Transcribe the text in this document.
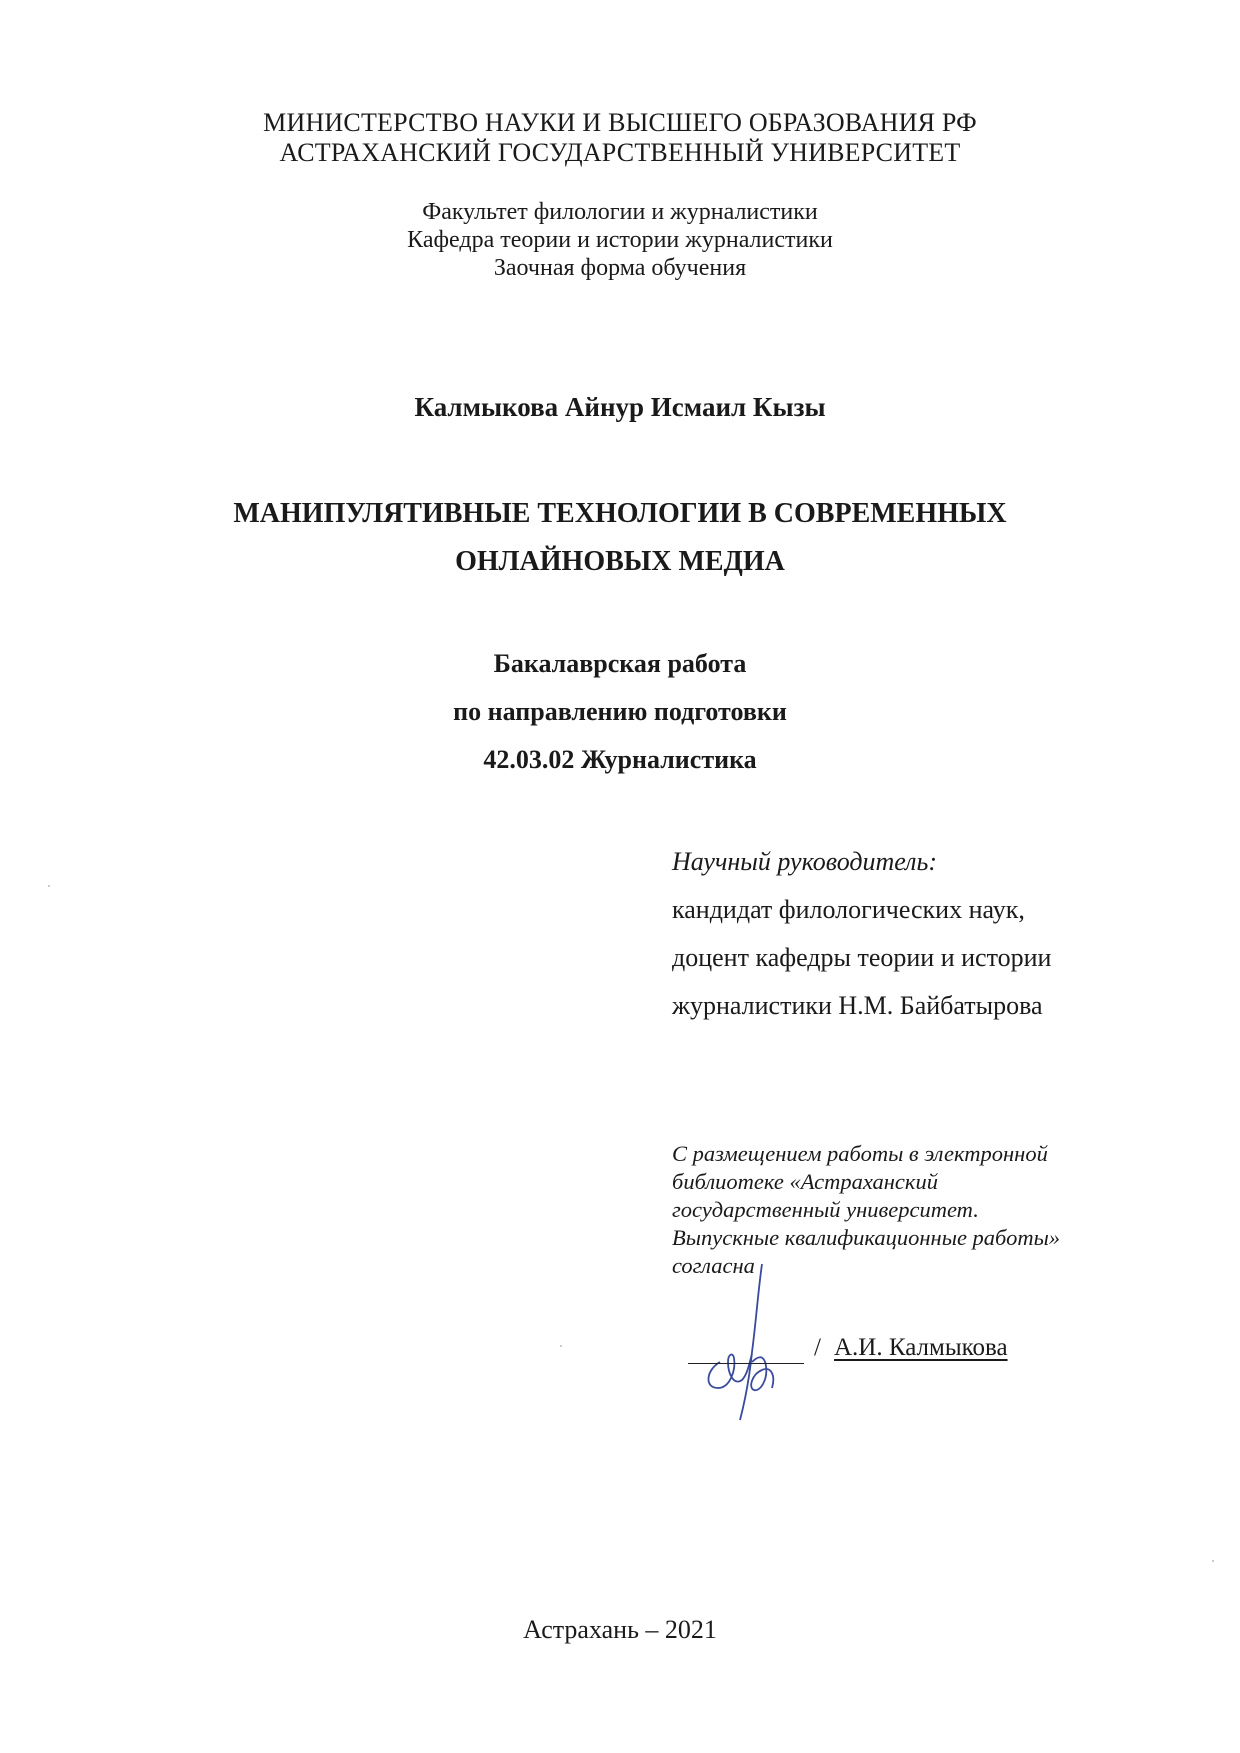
МИНИСТЕРСТВО НАУКИ И ВЫСШЕГО ОБРАЗОВАНИЯ РФ
АСТРАХАНСКИЙ ГОСУДАРСТВЕННЫЙ УНИВЕРСИТЕТ
Факультет филологии и журналистики
Кафедра теории и истории журналистики
Заочная форма обучения
Калмыкова Айнур Исмаил Кызы
МАНИПУЛЯТИВНЫЕ ТЕХНОЛОГИИ В СОВРЕМЕННЫХ
ОНЛАЙНОВЫХ МЕДИА
Бакалаврская работа
по направлению подготовки
42.03.02 Журналистика
Научный руководитель:
кандидат филологических наук,
доцент кафедры теории и истории
журналистики Н.М. Байбатырова
С размещением работы в электронной
библиотеке «Астраханский
государственный университет.
Выпускные квалификационные работы»
согласна
/ А.И. Калмыкова
Астрахань – 2021
